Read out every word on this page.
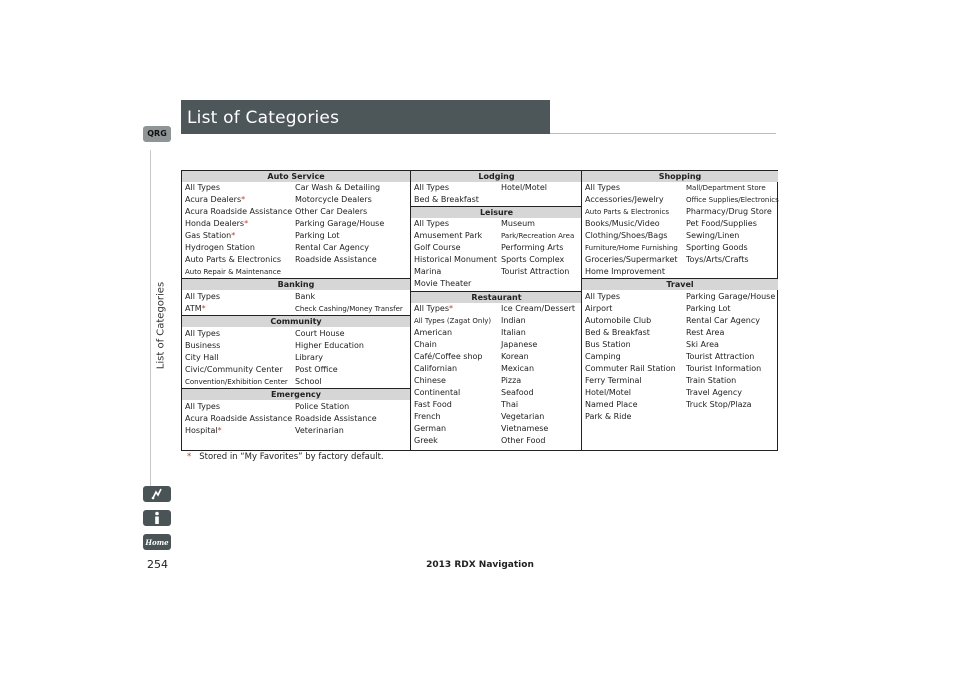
List of Categories
QRG
List of Categories
Home
Auto Service
All Types
Acura Dealers*
Acura Roadside Assistance
Honda Dealers*
Gas Station*
Hydrogen Station
Auto Parts & Electronics
Auto Repair & Maintenance
Car Wash & Detailing
Motorcycle Dealers
Other Car Dealers
Parking Garage/House
Parking Lot
Rental Car Agency
Roadside Assistance
Banking
All Types
ATM*
Bank
Check Cashing/Money Transfer
Community
All Types
Business
City Hall
Civic/Community Center
Convention/Exhibition Center
Court House
Higher Education
Library
Post Office
School
Emergency
All Types
Acura Roadside Assistance
Hospital*
Police Station
Roadside Assistance
Veterinarian
Lodging
All Types
Bed & Breakfast
Hotel/Motel
Leisure
All Types
Amusement Park
Golf Course
Historical Monument
Marina
Movie Theater
Museum
Park/Recreation Area
Performing Arts
Sports Complex
Tourist Attraction
Restaurant
All Types*
All Types (Zagat Only)
American
Chain
Café/Coffee shop
Californian
Chinese
Continental
Fast Food
French
German
Greek
Ice Cream/Dessert
Indian
Italian
Japanese
Korean
Mexican
Pizza
Seafood
Thai
Vegetarian
Vietnamese
Other Food
Shopping
All Types
Accessories/Jewelry
Auto Parts & Electronics
Books/Music/Video
Clothing/Shoes/Bags
Furniture/Home Furnishing
Groceries/Supermarket
Home Improvement
Mall/Department Store
Office Supplies/Electronics
Pharmacy/Drug Store
Pet Food/Supplies
Sewing/Linen
Sporting Goods
Toys/Arts/Crafts
Travel
All Types
Airport
Automobile Club
Bed & Breakfast
Bus Station
Camping
Commuter Rail Station
Ferry Terminal
Hotel/Motel
Named Place
Park & Ride
Parking Garage/House
Parking Lot
Rental Car Agency
Rest Area
Ski Area
Tourist Attraction
Tourist Information
Train Station
Travel Agency
Truck Stop/Plaza
* Stored in “My Favorites” by factory default.
254	2013 RDX Navigation
